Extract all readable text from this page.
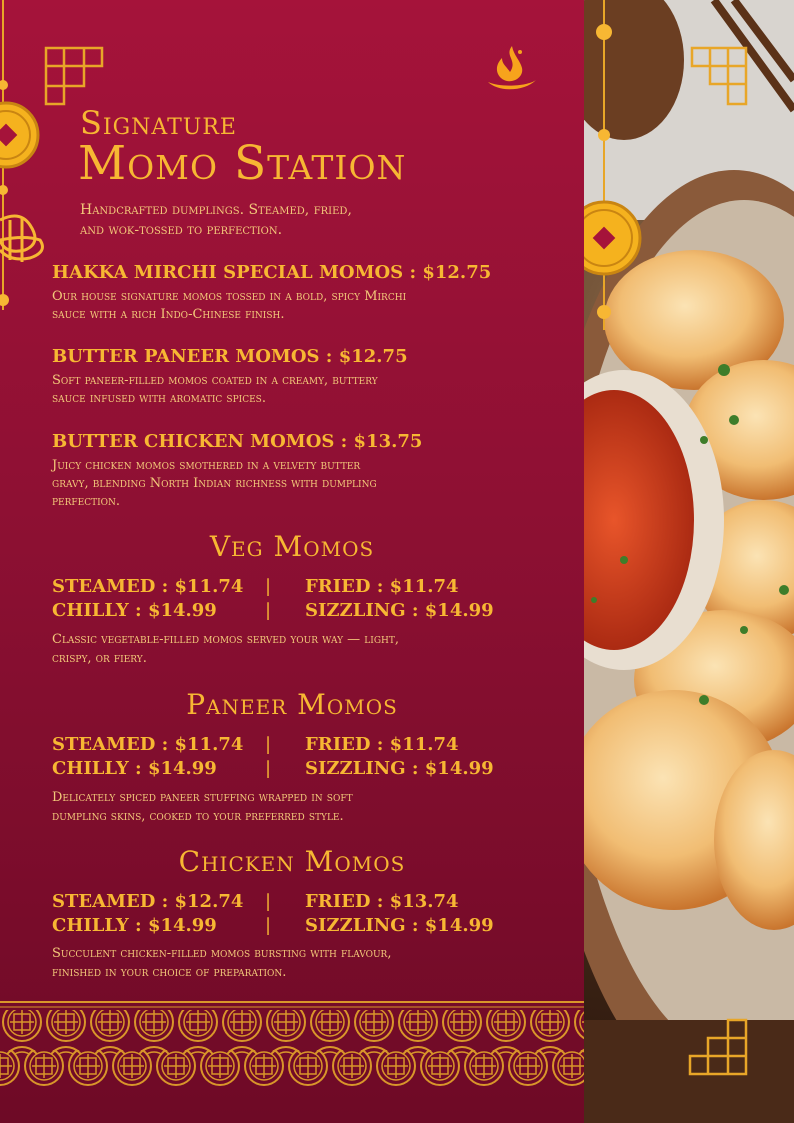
Signature
Momo Station
Handcrafted dumplings. Steamed, fried,
and wok-tossed to perfection.
HAKKA MIRCHI SPECIAL MOMOS : $12.75
Our house signature momos tossed in a bold, spicy Mirchi
sauce with a rich Indo-Chinese finish.
BUTTER PANEER MOMOS : $12.75
Soft paneer-filled momos coated in a creamy, buttery
sauce infused with aromatic spices.
BUTTER CHICKEN MOMOS : $13.75
Juicy chicken momos smothered in a velvety butter
gravy, blending North Indian richness with dumpling
perfection.
Veg Momos
STEAMED : $11.74 | FRIED : $11.74
CHILLY : $14.99	| SIZZLING : $14.99
Classic vegetable-filled momos served your way — light,
crispy, or fiery.
Paneer Momos
STEAMED : $11.74 | FRIED : $11.74
CHILLY : $14.99	| SIZZLING : $14.99
Delicately spiced paneer stuffing wrapped in soft
dumpling skins, cooked to your preferred style.
Chicken Momos
STEAMED : $12.74 | FRIED : $13.74
CHILLY : $14.99	| SIZZLING : $14.99
Succulent chicken-filled momos bursting with flavour,
finished in your choice of preparation.
